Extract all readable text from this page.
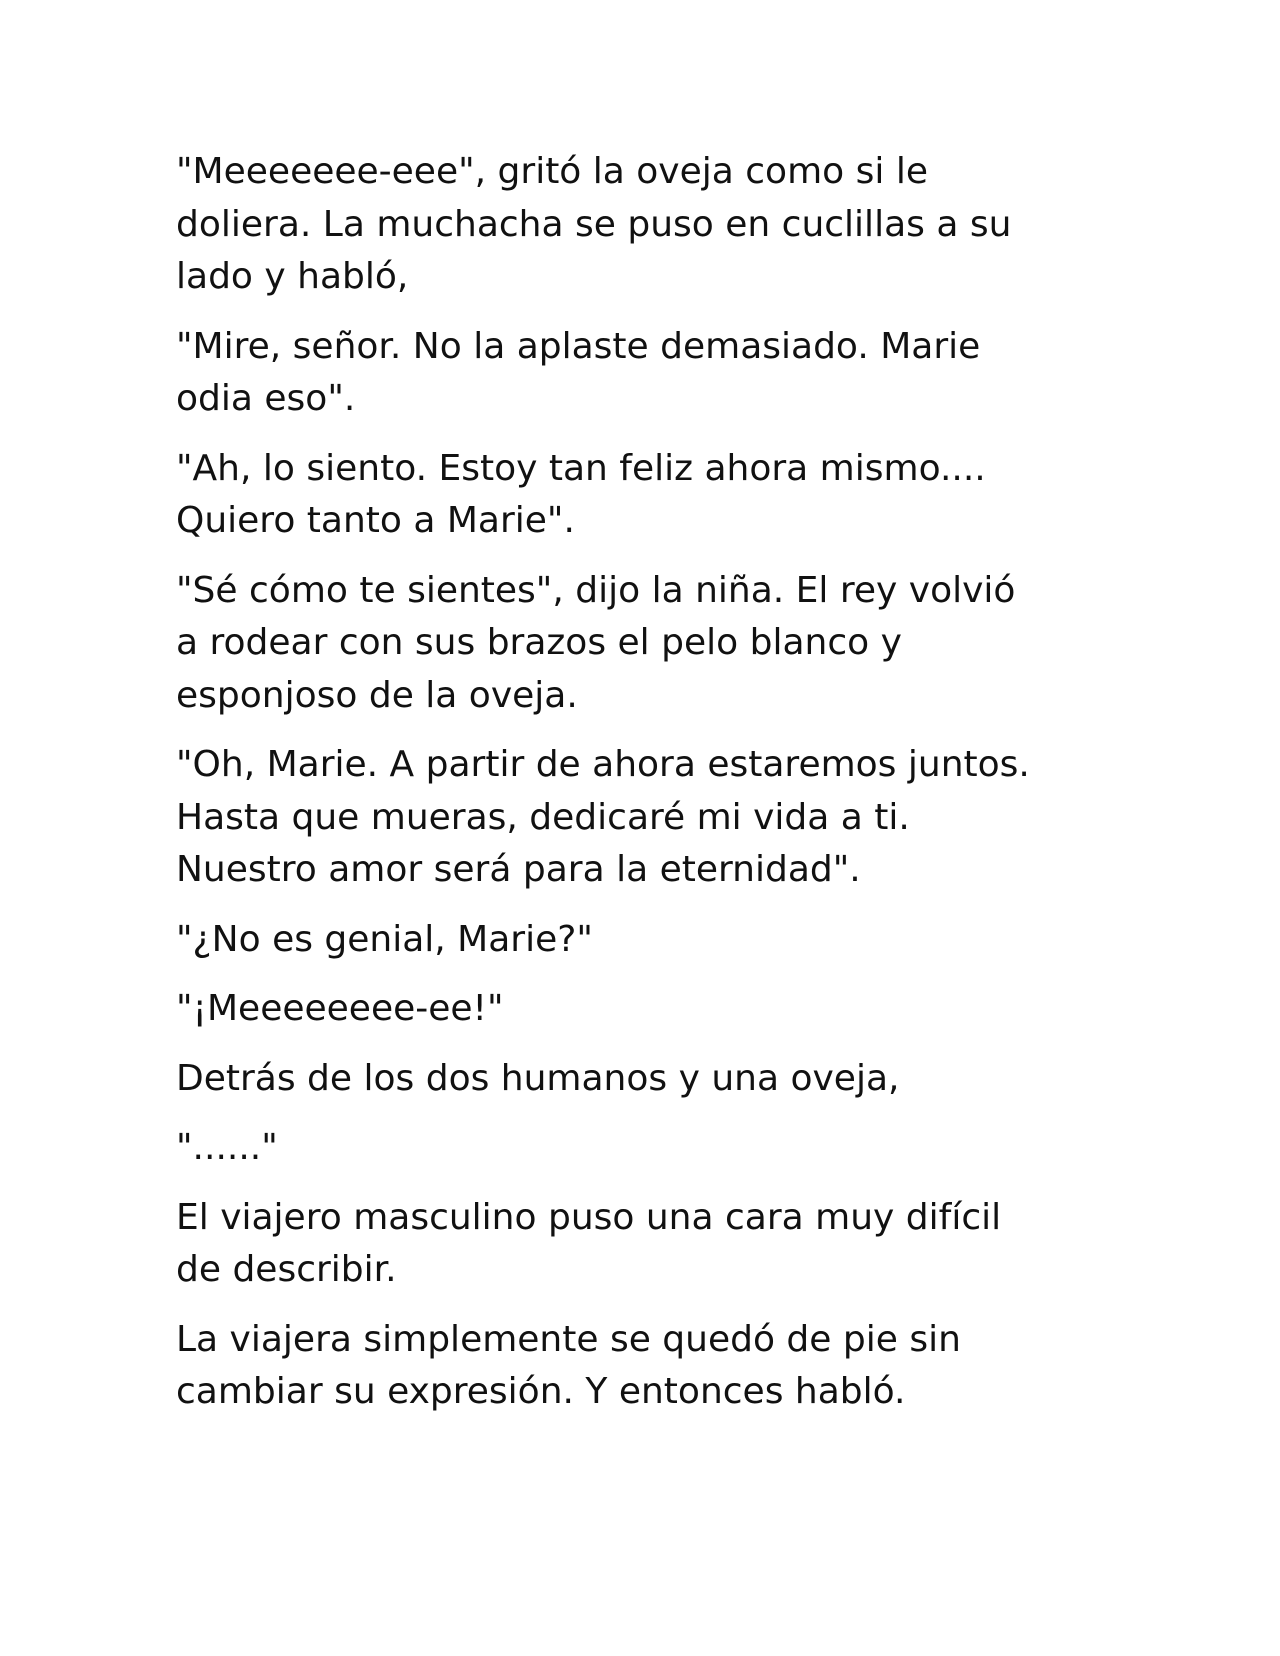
"Meeeeeee-eee", gritó la oveja como si le
doliera. La muchacha se puso en cuclillas a su
lado y habló,

"Mire, señor. No la aplaste demasiado. Marie
odia eso".

"Ah, lo siento. Estoy tan feliz ahora mismo....
Quiero tanto a Marie".

"Sé cómo te sientes", dijo la niña. El rey volvió
a rodear con sus brazos el pelo blanco y
esponjoso de la oveja.

"Oh, Marie. A partir de ahora estaremos juntos.
Hasta que mueras, dedicaré mi vida a ti.
Nuestro amor será para la eternidad".

"¿No es genial, Marie?"

"¡Meeeeeeee-ee!"

Detrás de los dos humanos y una oveja,

"......"

El viajero masculino puso una cara muy difícil
de describir.

La viajera simplemente se quedó de pie sin
cambiar su expresión. Y entonces habló.
